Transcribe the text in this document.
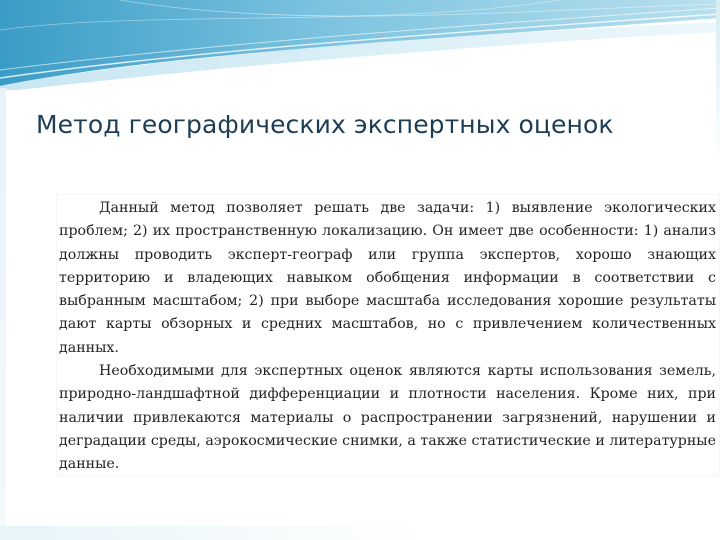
Метод географических экспертных оценок

Данный метод позволяет решать две задачи: 1) выявление экологических проблем; 2) их пространственную локализацию. Он имеет две особенности: 1) анализ должны проводить эксперт-географ или группа экспертов, хорошо знающих территорию и владеющих навыком обобщения информации в соответствии с выбранным масштабом; 2) при выборе масштаба исследования хорошие результаты дают карты обзорных и средних масштабов, но с привлечением количественных данных.

Необходимыми для экспертных оценок являются карты использования земель, природно-ландшафтной дифференциации и плотности населения. Кроме них, при наличии привлекаются материалы о распространении загрязнений, нарушении и деградации среды, аэрокосмические снимки, а также статистические и литературные данные.
